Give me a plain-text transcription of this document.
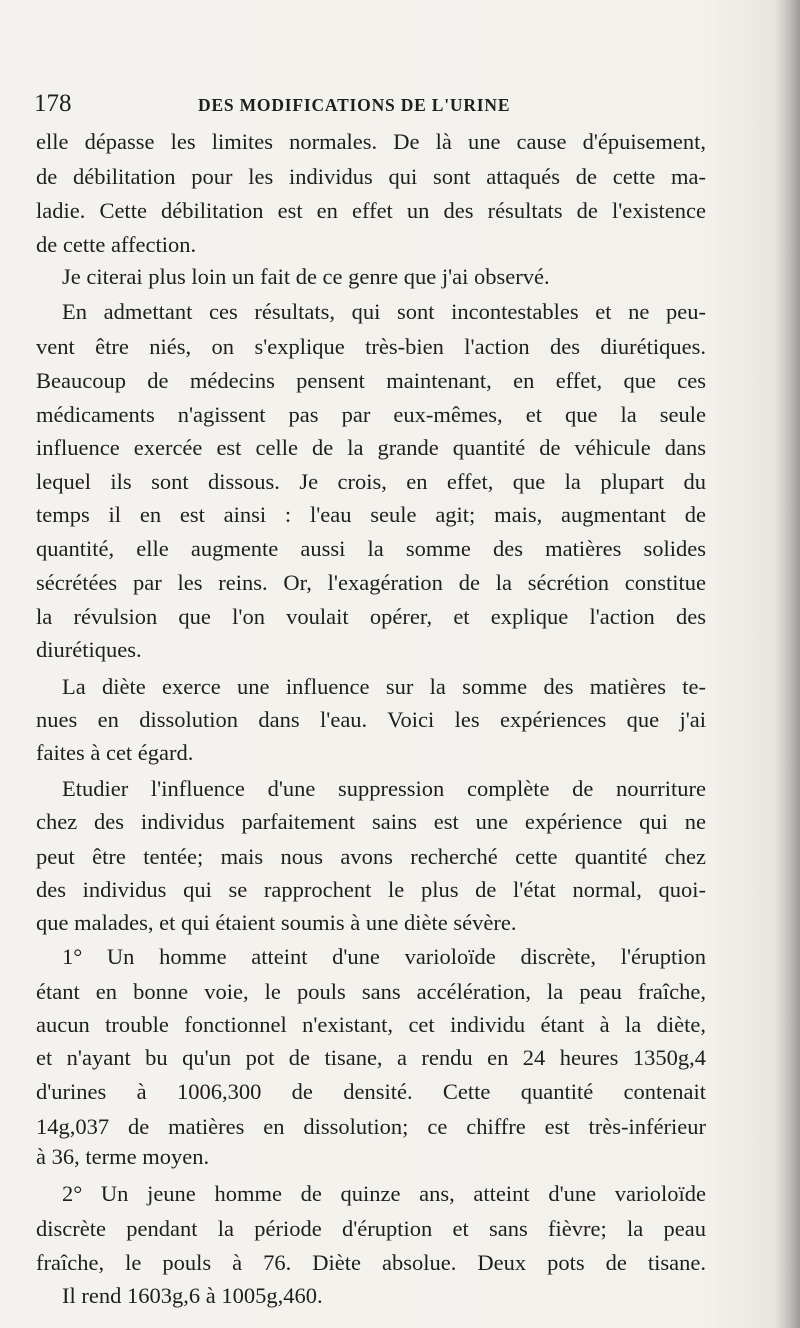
178	DES MODIFICATIONS DE L'URINE
elle dépasse les limites normales. De là une cause d'épuisement,
de débilitation pour les individus qui sont attaqués de cette ma-
ladie. Cette débilitation est en effet un des résultats de l'existence
de cette affection.
Je citerai plus loin un fait de ce genre que j'ai observé.
En admettant ces résultats, qui sont incontestables et ne peu-
vent être niés, on s'explique très-bien l'action des diurétiques.
Beaucoup de médecins pensent maintenant, en effet, que ces
médicaments n'agissent pas par eux-mêmes, et que la seule
influence exercée est celle de la grande quantité de véhicule dans
lequel ils sont dissous. Je crois, en effet, que la plupart du
temps il en est ainsi : l'eau seule agit; mais, augmentant de
quantité, elle augmente aussi la somme des matières solides
sécrétées par les reins. Or, l'exagération de la sécrétion constitue
la révulsion que l'on voulait opérer, et explique l'action des
diurétiques.
La diète exerce une influence sur la somme des matières te-
nues en dissolution dans l'eau. Voici les expériences que j'ai
faites à cet égard.
Etudier l'influence d'une suppression complète de nourriture
chez des individus parfaitement sains est une expérience qui ne
peut être tentée; mais nous avons recherché cette quantité chez
des individus qui se rapprochent le plus de l'état normal, quoi-
que malades, et qui étaient soumis à une diète sévère.
1° Un homme atteint d'une varioloïde discrète, l'éruption
étant en bonne voie, le pouls sans accélération, la peau fraîche,
aucun trouble fonctionnel n'existant, cet individu étant à la diète,
et n'ayant bu qu'un pot de tisane, a rendu en 24 heures 1350g,4
d'urines à 1006,300 de densité. Cette quantité contenait
14g,037 de matières en dissolution; ce chiffre est très-inférieur
à 36, terme moyen.
2° Un jeune homme de quinze ans, atteint d'une varioloïde
discrète pendant la période d'éruption et sans fièvre; la peau
fraîche, le pouls à 76. Diète absolue. Deux pots de tisane.
Il rend 1603g,6 à 1005g,460.
